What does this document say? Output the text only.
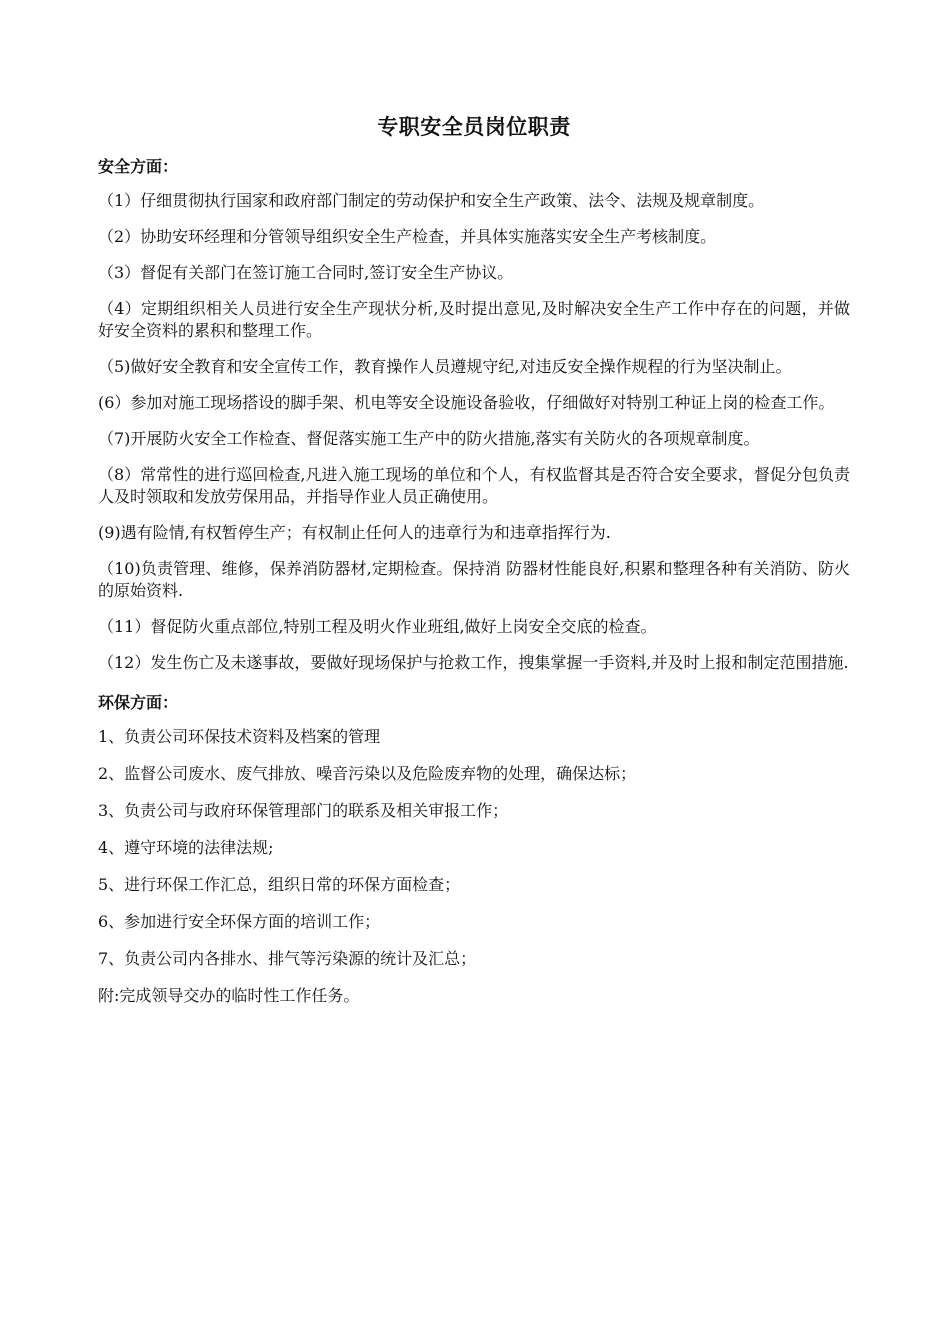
专职安全员岗位职责
安全方面：

（1）仔细贯彻执行国家和政府部门制定的劳动保护和安全生产政策、法令、法规及规章制度。

（2）协助安环经理和分管领导组织安全生产检查，并具体实施落实安全生产考核制度。

（3）督促有关部门在签订施工合同时,签订安全生产协议。

（4）定期组织相关人员进行安全生产现状分析,及时提出意见,及时解决安全生产工作中存在的问题，并做好安全资料的累积和整理工作。

（5)做好安全教育和安全宣传工作，教育操作人员遵规守纪,对违反安全操作规程的行为坚决制止。

(6）参加对施工现场搭设的脚手架、机电等安全设施设备验收，仔细做好对特别工种证上岗的检查工作。

（7)开展防火安全工作检查、督促落实施工生产中的防火措施,落实有关防火的各项规章制度。

（8）常常性的进行巡回检查,凡进入施工现场的单位和个人，有权监督其是否符合安全要求，督促分包负责人及时领取和发放劳保用品，并指导作业人员正确使用。

(9)遇有险情,有权暂停生产；有权制止任何人的违章行为和违章指挥行为.

（10)负责管理、维修，保养消防器材,定期检查。保持消 防器材性能良好,积累和整理各种有关消防、防火的原始资料.

（11）督促防火重点部位,特别工程及明火作业班组,做好上岗安全交底的检查。

（12）发生伤亡及未遂事故，要做好现场保护与抢救工作，搜集掌握一手资料,并及时上报和制定范围措施.

环保方面：
1、负责公司环保技术资料及档案的管理
2、监督公司废水、废气排放、噪音污染以及危险废弃物的处理，确保达标；
3、负责公司与政府环保管理部门的联系及相关审报工作；
4、遵守环境的法律法规;
5、进行环保工作汇总，组织日常的环保方面检查；
6、参加进行安全环保方面的培训工作；
7、负责公司内各排水、排气等污染源的统计及汇总；
附:完成领导交办的临时性工作任务。
